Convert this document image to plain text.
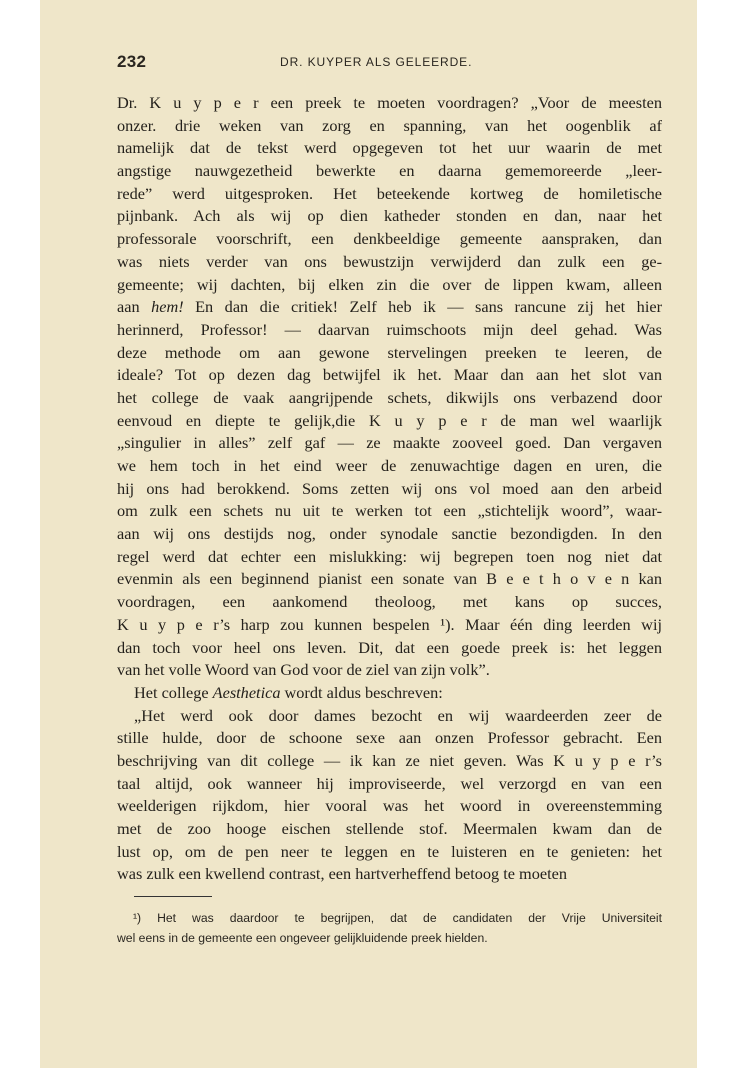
232	DR. KUYPER ALS GELEERDE.
Dr. K u y p e r een preek te moeten voordragen? „Voor de meesten
onzer. drie weken van zorg en spanning, van het oogenblik af
namelijk dat de tekst werd opgegeven tot het uur waarin de met
angstige nauwgezetheid bewerkte en daarna gememoreerde „leer-
rede” werd uitgesproken. Het beteekende kortweg de homiletische
pijnbank. Ach als wij op dien katheder stonden en dan, naar het
professorale voorschrift, een denkbeeldige gemeente aanspraken, dan
was niets verder van ons bewustzijn verwijderd dan zulk een ge-
gemeente; wij dachten, bij elken zin die over de lippen kwam, alleen
aan hem! En dan die critiek! Zelf heb ik — sans rancune zij het hier
herinnerd, Professor! — daarvan ruimschoots mijn deel gehad. Was
deze methode om aan gewone stervelingen preeken te leeren, de
ideale? Tot op dezen dag betwijfel ik het. Maar dan aan het slot van
het college de vaak aangrijpende schets, dikwijls ons verbazend door
eenvoud en diepte te gelijk,die K u y p e r de man wel waarlijk
„singulier in alles” zelf gaf — ze maakte zooveel goed. Dan vergaven
we hem toch in het eind weer de zenuwachtige dagen en uren, die
hij ons had berokkend. Soms zetten wij ons vol moed aan den arbeid
om zulk een schets nu uit te werken tot een „stichtelijk woord”, waar-
aan wij ons destijds nog, onder synodale sanctie bezondigden. In den
regel werd dat echter een mislukking: wij begrepen toen nog niet dat
evenmin als een beginnend pianist een sonate van B e e t h o v e n kan
voordragen, een aankomend theoloog, met kans op succes,
K u y p e r’s harp zou kunnen bespelen ¹). Maar één ding leerden wij
dan toch voor heel ons leven. Dit, dat een goede preek is: het leggen
van het volle Woord van God voor de ziel van zijn volk”.
Het college Aesthetica wordt aldus beschreven:
„Het werd ook door dames bezocht en wij waardeerden zeer de
stille hulde, door de schoone sexe aan onzen Professor gebracht. Een
beschrijving van dit college — ik kan ze niet geven. Was K u y p e r’s
taal altijd, ook wanneer hij improviseerde, wel verzorgd en van een
weelderigen rijkdom, hier vooral was het woord in overeenstemming
met de zoo hooge eischen stellende stof. Meermalen kwam dan de
lust op, om de pen neer te leggen en te luisteren en te genieten: het
was zulk een kwellend contrast, een hartverheffend betoog te moeten
¹) Het was daardoor te begrijpen, dat de candidaten der Vrije Universiteit
wel eens in de gemeente een ongeveer gelijkluidende preek hielden.
